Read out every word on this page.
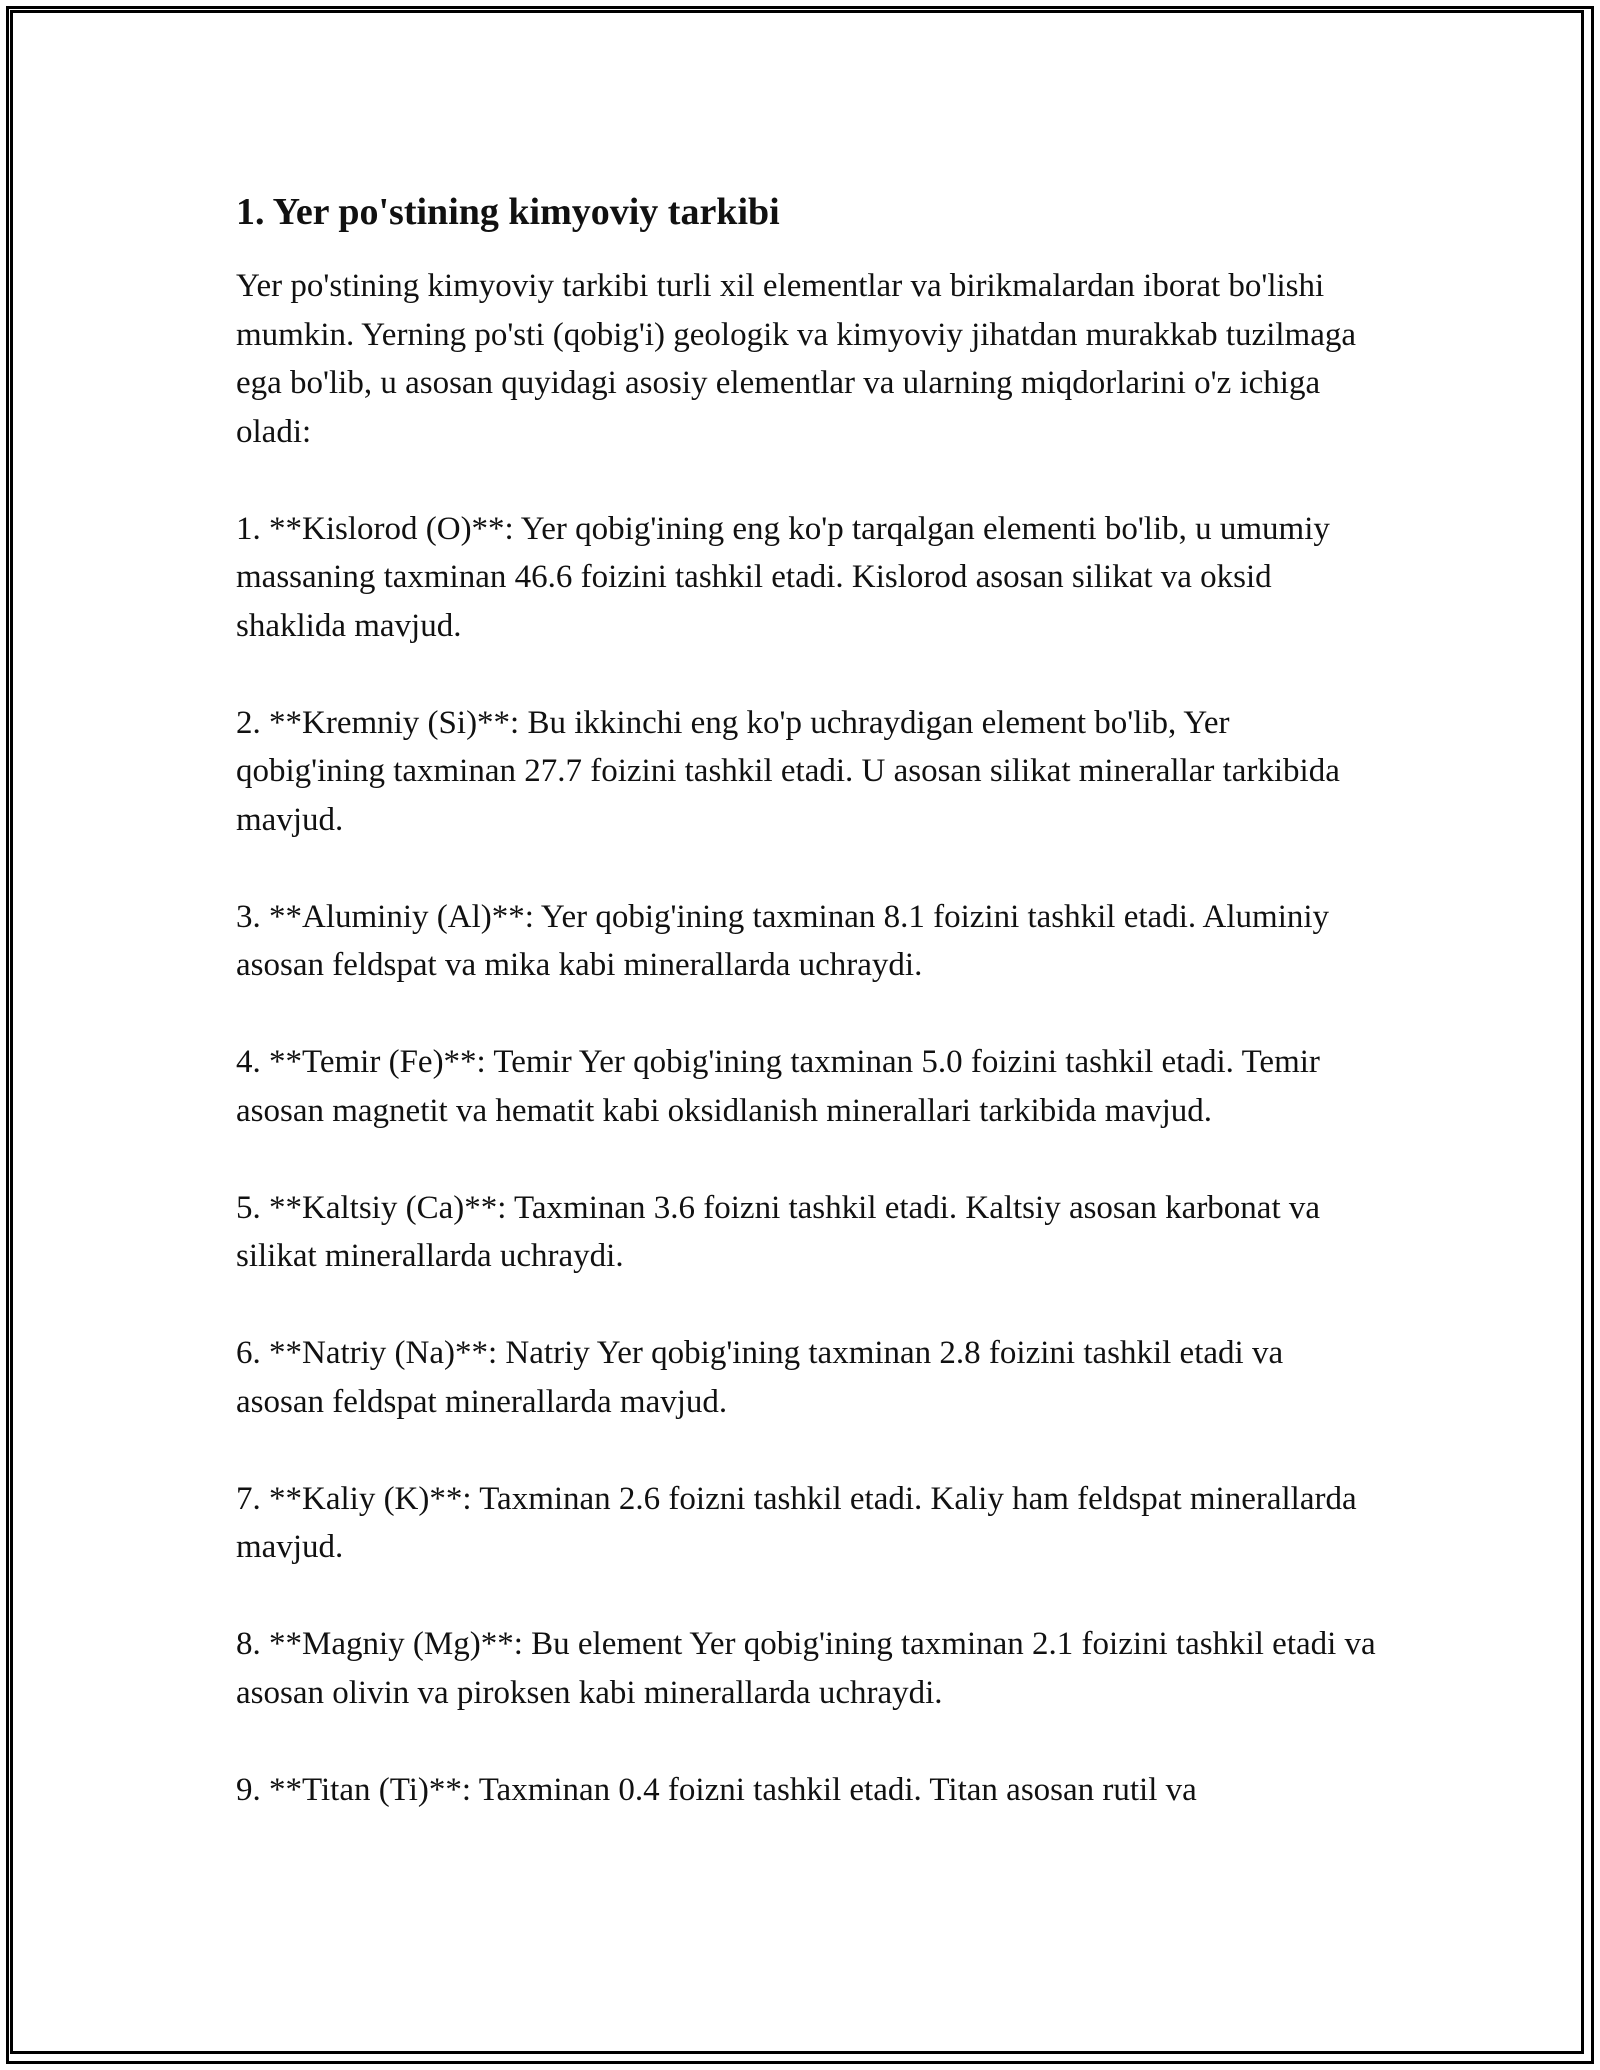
1. Yer po'stining kimyoviy tarkibi

Yer po'stining kimyoviy tarkibi turli xil elementlar va birikmalardan iborat bo'lishi mumkin. Yerning po'sti (qobig'i) geologik va kimyoviy jihatdan murakkab tuzilmaga ega bo'lib, u asosan quyidagi asosiy elementlar va ularning miqdorlarini o'z ichiga oladi:

1. **Kislorod (O)**: Yer qobig'ining eng ko'p tarqalgan elementi bo'lib, u umumiy massaning taxminan 46.6 foizini tashkil etadi. Kislorod asosan silikat va oksid shaklida mavjud.

2. **Kremniy (Si)**: Bu ikkinchi eng ko'p uchraydigan element bo'lib, Yer qobig'ining taxminan 27.7 foizini tashkil etadi. U asosan silikat minerallar tarkibida mavjud.

3. **Aluminiy (Al)**: Yer qobig'ining taxminan 8.1 foizini tashkil etadi. Aluminiy asosan feldspat va mika kabi minerallarda uchraydi.

4. **Temir (Fe)**: Temir Yer qobig'ining taxminan 5.0 foizini tashkil etadi. Temir asosan magnetit va hematit kabi oksidlanish minerallari tarkibida mavjud.

5. **Kaltsiy (Ca)**: Taxminan 3.6 foizni tashkil etadi. Kaltsiy asosan karbonat va silikat minerallarda uchraydi.

6. **Natriy (Na)**: Natriy Yer qobig'ining taxminan 2.8 foizini tashkil etadi va asosan feldspat minerallarda mavjud.

7. **Kaliy (K)**: Taxminan 2.6 foizni tashkil etadi. Kaliy ham feldspat minerallarda mavjud.

8. **Magniy (Mg)**: Bu element Yer qobig'ining taxminan 2.1 foizini tashkil etadi va asosan olivin va piroksen kabi minerallarda uchraydi.

9. **Titan (Ti)**: Taxminan 0.4 foizni tashkil etadi. Titan asosan rutil va
